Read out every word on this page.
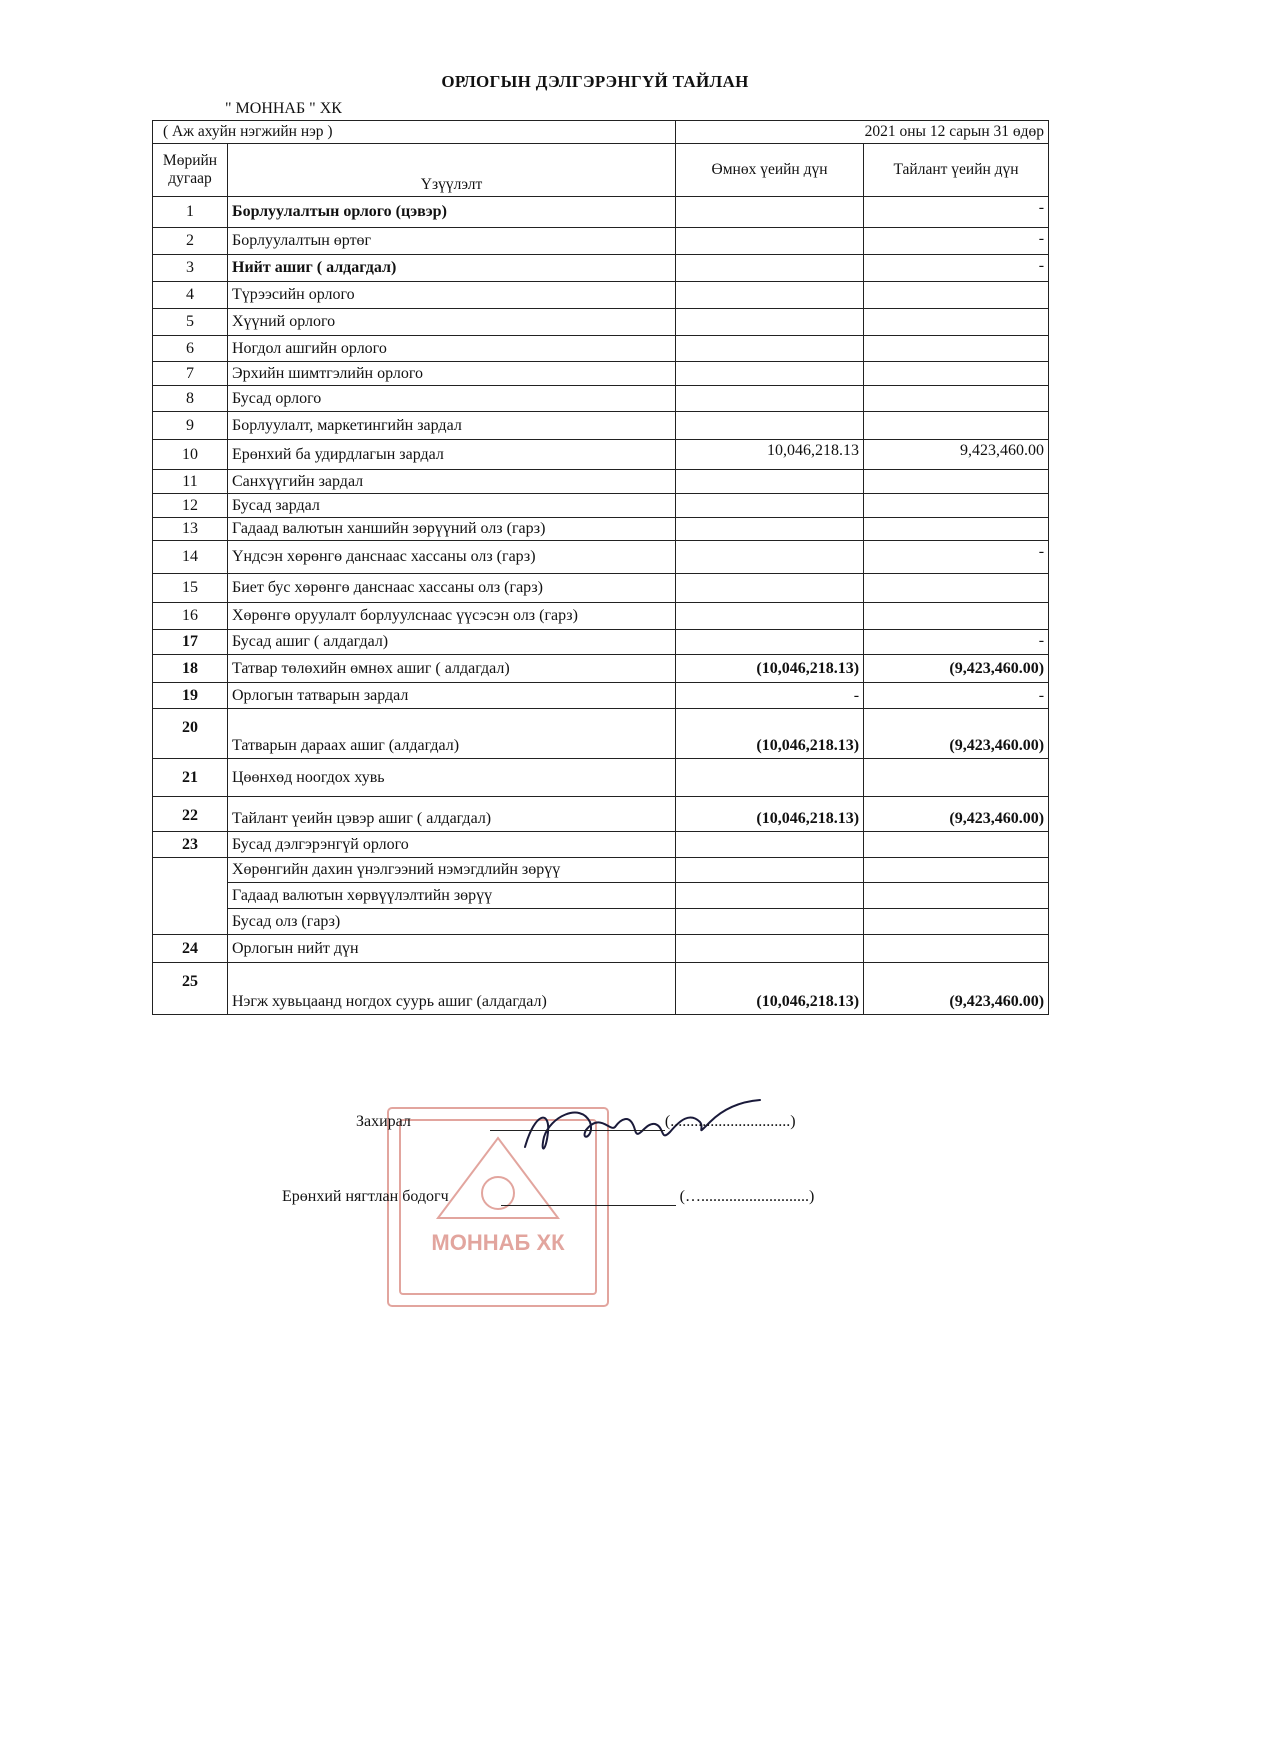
ОРЛОГЫН ДЭЛГЭРЭНГҮЙ ТАЙЛАН
" МОННАБ " ХК
( Аж ахуйн нэгжийн нэр )		2021 оны 12 сарын 31 өдөр	
Мөрийн дугаар	Үзүүлэлт	Өмнөх үеийн дүн	Тайлант үеийн дүн
1	Борлуулалтын орлого (цэвэр)		-
2	Борлуулалтын өртөг		-
3	Нийт ашиг ( алдагдал)		-
4	Түрээсийн орлого		
5	Хүүний орлого		
6	Ногдол ашгийн орлого		
7	Эрхийн шимтгэлийн орлого		
8	Бусад орлого		
9	Борлуулалт, маркетингийн зардал		
10	Ерөнхий ба удирдлагын зардал	10,046,218.13	9,423,460.00
11	Санхүүгийн зардал		
12	Бусад зардал		
13	Гадаад валютын ханшийн зөрүүний олз (гарз)		
14	Үндсэн хөрөнгө данснаас хассаны олз (гарз)		-
15	Биет бус хөрөнгө данснаас хассаны олз (гарз)		
16	Хөрөнгө оруулалт борлуулснаас үүсэсэн олз (гарз)		
17	Бусад ашиг ( алдагдал)		-
18	Татвар төлөхийн өмнөх ашиг ( алдагдал)	(10,046,218.13)	(9,423,460.00)
19	Орлогын татварын зардал	-	-
20	Татварын дараах ашиг (алдагдал)	(10,046,218.13)	(9,423,460.00)
21	Цөөнхөд ноогдох хувь		
22	Тайлант үеийн цэвэр ашиг ( алдагдал)	(10,046,218.13)	(9,423,460.00)
23	Бусад дэлгэрэнгүй орлого		
	Хөрөнгийн дахин үнэлгээний нэмэгдлийн зөрүү		
	Гадаад валютын хөрвүүлэлтийн зөрүү		
	Бусад олз (гарз)		
24	Орлогын нийт дүн		
25	Нэгж хувьцаанд ногдох суурь ашиг (алдагдал)	(10,046,218.13)	(9,423,460.00)
МОННАБ ХК
Захирал	(..............................)
Ерөнхий нягтлан бодогч	(…...........................)
